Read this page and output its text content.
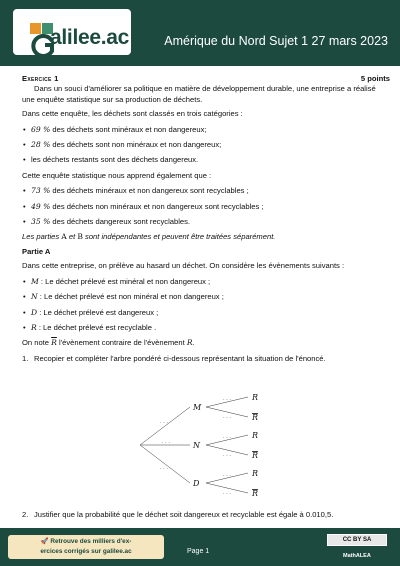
alilee.ac	Amérique du Nord Sujet 1 27 mars 2023
Exercice 1	5 points

Dans un souci d'améliorer sa politique en matière de développement durable, une entreprise a réalisé une enquête statistique sur sa production de déchets.

Dans cette enquête, les déchets sont classés en trois catégories :

• 69 % des déchets sont minéraux et non dangereux;
• 28 % des déchets sont non minéraux et non dangereux;
• les déchets restants sont des déchets dangereux.

Cette enquête statistique nous apprend également que :

• 73 % des déchets minéraux et non dangereux sont recyclables ;
• 49 % des déchets non minéraux et non dangereux sont recyclables ;
• 35 % des déchets dangereux sont recyclables.

Les parties A et B sont indépendantes et peuvent être traitées séparément.

Partie A

Dans cette entreprise, on prélève au hasard un déchet. On considère les évènements suivants :

• M : Le déchet prélevé est minéral et non dangereux ;
• N : Le déchet prélevé est non minéral et non dangereux ;
• D : Le déchet prélevé est dangereux ;
• R : Le déchet prélevé est recyclable .

On note $\overline{R}$ l'évènement contraire de l'évènement R.

1. Recopier et compléter l'arbre pondéré ci-dessous représentant la situation de l'énoncé.

M
N
D
R
R
R
R
R
R
. . .
. . .
. . .
. . .
. . .
. . .
. . .
. . .
. . .
2. Justifier que la probabilité que le déchet soit dangereux et recyclable est égale à 0.010,5.
🚀 Retrouve des milliers d'ex-
ercices corrigés sur galilee.ac	Page 1
CC BY SA
MathALEA
